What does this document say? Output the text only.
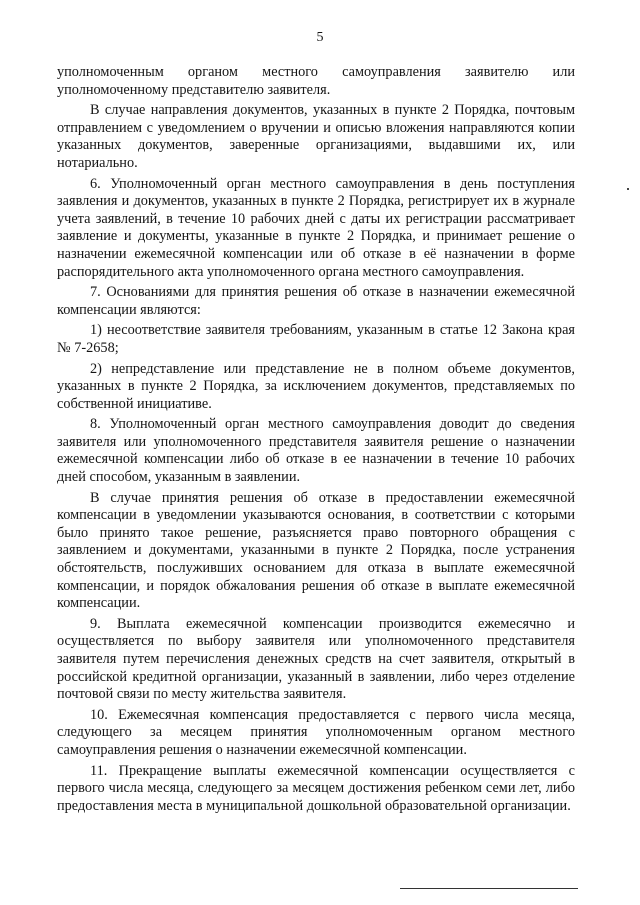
5

уполномоченным органом местного самоуправления заявителю или уполномоченному представителю заявителя.

В случае направления документов, указанных в пункте 2 Порядка, почтовым отправлением с уведомлением о вручении и описью вложения направляются копии указанных документов, заверенные организациями, выдавшими их, или нотариально.

6. Уполномоченный орган местного самоуправления в день поступления заявления и документов, указанных в пункте 2 Порядка, регистрирует их в журнале учета заявлений, в течение 10 рабочих дней с даты их регистрации рассматривает заявление и документы, указанные в пункте 2 Порядка, и принимает решение о назначении ежемесячной компенсации или об отказе в её назначении в форме распорядительного акта уполномоченного органа местного самоуправления.

7. Основаниями для принятия решения об отказе в назначении ежемесячной компенсации являются:

1) несоответствие заявителя требованиям, указанным в статье 12 Закона края № 7-2658;

2) непредставление или представление не в полном объеме документов, указанных в пункте 2 Порядка, за исключением документов, представляемых по собственной инициативе.

8. Уполномоченный орган местного самоуправления доводит до сведения заявителя или уполномоченного представителя заявителя решение о назначении ежемесячной компенсации либо об отказе в ее назначении в течение 10 рабочих дней способом, указанным в заявлении.

В случае принятия решения об отказе в предоставлении ежемесячной компенсации в уведомлении указываются основания, в соответствии с которыми было принято такое решение, разъясняется право повторного обращения с заявлением и документами, указанными в пункте 2 Порядка, после устранения обстоятельств, послуживших основанием для отказа в выплате ежемесячной компенсации, и порядок обжалования решения об отказе в выплате ежемесячной компенсации.

9. Выплата ежемесячной компенсации производится ежемесячно и осуществляется по выбору заявителя или уполномоченного представителя заявителя путем перечисления денежных средств на счет заявителя, открытый в российской кредитной организации, указанный в заявлении, либо через отделение почтовой связи по месту жительства заявителя.

10. Ежемесячная компенсация предоставляется с первого числа месяца, следующего за месяцем принятия уполномоченным органом местного самоуправления решения о назначении ежемесячной компенсации.

11. Прекращение выплаты ежемесячной компенсации осуществляется с первого числа месяца, следующего за месяцем достижения ребенком семи лет, либо предоставления места в муниципальной дошкольной образовательной организации.
